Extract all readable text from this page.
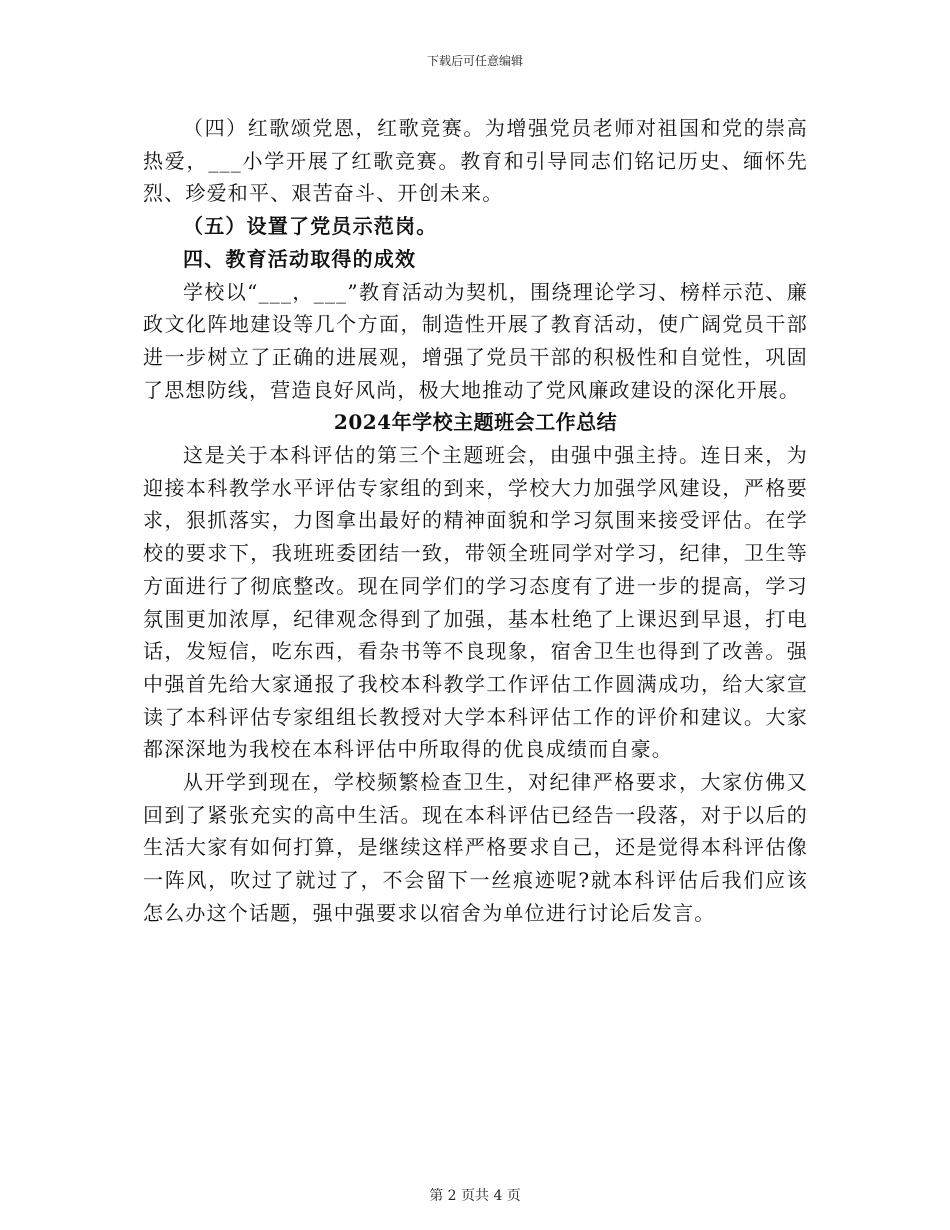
下载后可任意编辑

（四）红歌颂党恩，红歌竞赛。为增强党员老师对祖国和党的崇高热爱，___小学开展了红歌竞赛。教育和引导同志们铭记历史、缅怀先烈、珍爱和平、艰苦奋斗、开创未来。

（五）设置了党员示范岗。

四、教育活动取得的成效

学校以“___，___”教育活动为契机，围绕理论学习、榜样示范、廉政文化阵地建设等几个方面，制造性开展了教育活动，使广阔党员干部进一步树立了正确的进展观，增强了党员干部的积极性和自觉性，巩固了思想防线，营造良好风尚，极大地推动了党风廉政建设的深化开展。

2024年学校主题班会工作总结

这是关于本科评估的第三个主题班会，由强中强主持。连日来，为迎接本科教学水平评估专家组的到来，学校大力加强学风建设，严格要求，狠抓落实，力图拿出最好的精神面貌和学习氛围来接受评估。在学校的要求下，我班班委团结一致，带领全班同学对学习，纪律，卫生等方面进行了彻底整改。现在同学们的学习态度有了进一步的提高，学习氛围更加浓厚，纪律观念得到了加强，基本杜绝了上课迟到早退，打电话，发短信，吃东西，看杂书等不良现象，宿舍卫生也得到了改善。强中强首先给大家通报了我校本科教学工作评估工作圆满成功，给大家宣读了本科评估专家组组长教授对大学本科评估工作的评价和建议。大家都深深地为我校在本科评估中所取得的优良成绩而自豪。

从开学到现在，学校频繁检查卫生，对纪律严格要求，大家仿佛又回到了紧张充实的高中生活。现在本科评估已经告一段落，对于以后的生活大家有如何打算，是继续这样严格要求自己，还是觉得本科评估像一阵风，吹过了就过了，不会留下一丝痕迹呢?就本科评估后我们应该怎么办这个话题，强中强要求以宿舍为单位进行讨论后发言。

第 2 页共 4 页
